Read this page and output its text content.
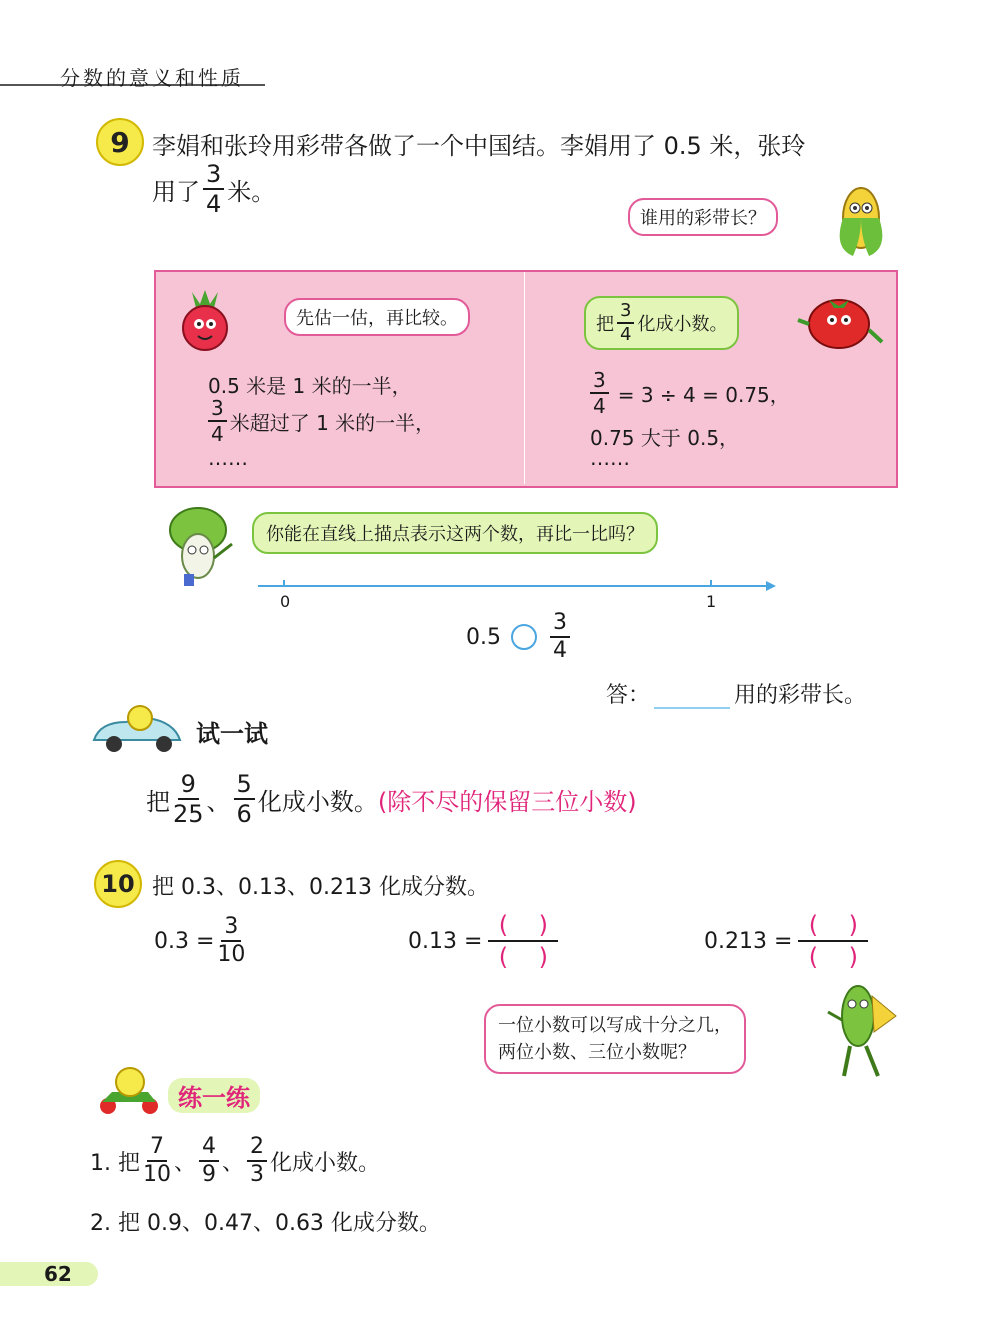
分数的意义和性质
9 李娟和张玲用彩带各做了一个中国结。李娟用了 0.5 米，张玲
用了 $\frac{3}{4}$ 米。
谁用的彩带长？
先估一估，再比较。
0.5 米是 1 米的一半，
$\frac{3}{4}$ 米超过了 1 米的一半，
……
把 $\frac{3}{4}$ 化成小数。
$\frac{3}{4} = 3 \div 4 = 0.75$，
0.75 大于 0.5，
……
你能在直线上描点表示这两个数，再比一比吗？
0	1
$0.5 \frac{3}{4}$
答：	用的彩带长。
试一试
把 $\frac{9}{25}$ 、 $\frac{5}{6}$ 化成小数。 (除不尽的保留三位小数)
10 把 0.3、0.13、0.213 化成分数。
$0.3 = \frac{3}{10}$	$0.13 = \frac{( )}{( )}$	$0.213 = \frac{( )}{( )}$
一位小数可以写成十分之几，
两位小数、三位小数呢？
练一练
1. 把 $\frac{7}{10}$ 、 $\frac{4}{9}$ 、 $\frac{2}{3}$ 化成小数。
2. 把 0.9、0.47、0.63 化成分数。
62
